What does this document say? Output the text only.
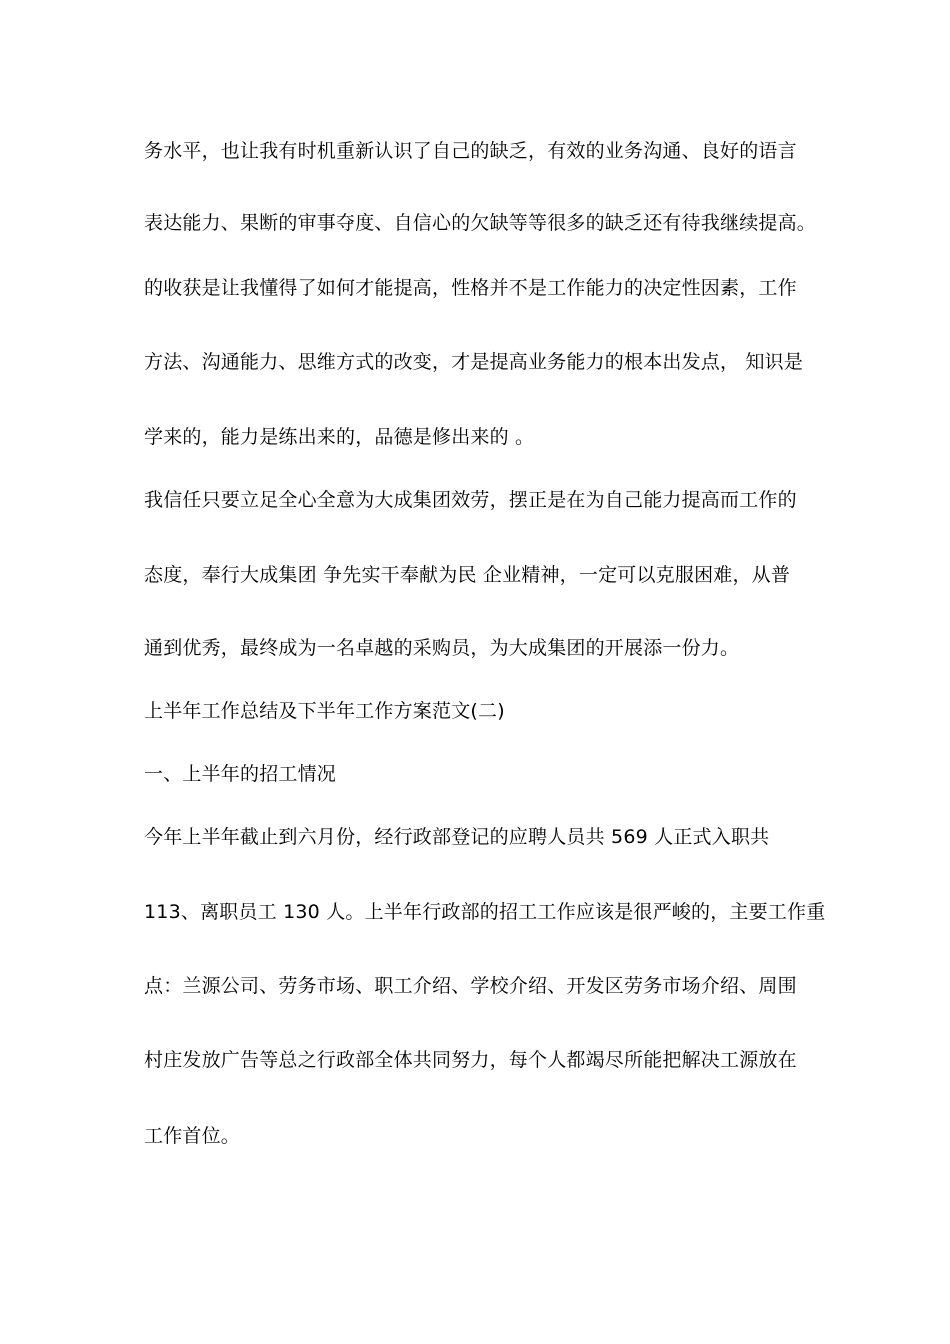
务水平，也让我有时机重新认识了自己的缺乏，有效的业务沟通、良好的语言
表达能力、果断的审事夺度、自信心的欠缺等等很多的缺乏还有待我继续提高。
的收获是让我懂得了如何才能提高，性格并不是工作能力的决定性因素，工作
方法、沟通能力、思维方式的改变，才是提高业务能力的根本出发点， 知识是
学来的，能力是练出来的，品德是修出来的 。
我信任只要立足全心全意为大成集团效劳，摆正是在为自己能力提高而工作的
态度，奉行大成集团 争先实干奉献为民 企业精神，一定可以克服困难，从普
通到优秀，最终成为一名卓越的采购员，为大成集团的开展添一份力。
上半年工作总结及下半年工作方案范文(二)
一、上半年的招工情况
今年上半年截止到六月份，经行政部登记的应聘人员共 569 人正式入职共
113、离职员工 130 人。上半年行政部的招工工作应该是很严峻的，主要工作重
点：兰源公司、劳务市场、职工介绍、学校介绍、开发区劳务市场介绍、周围
村庄发放广告等总之行政部全体共同努力，每个人都竭尽所能把解决工源放在
工作首位。
